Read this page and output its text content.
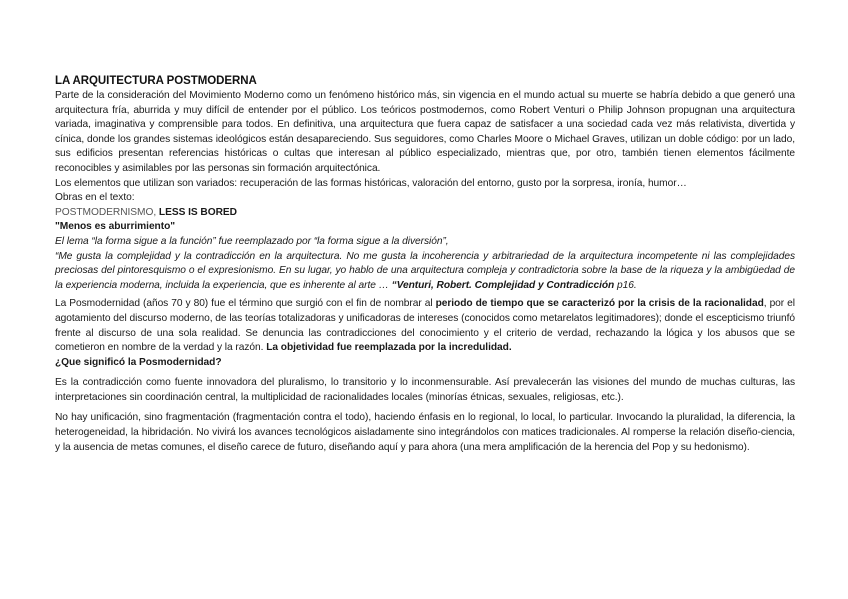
LA ARQUITECTURA POSTMODERNA

Parte de la consideración del Movimiento Moderno como un fenómeno histórico más, sin vigencia en el mundo actual su muerte se habría debido a que generó una arquitectura fría, aburrida y muy difícil de entender por el público. Los teóricos postmodernos, como Robert Venturi o Philip Johnson propugnan una arquitectura variada, imaginativa y comprensible para todos. En definitiva, una arquitectura que fuera capaz de satisfacer a una sociedad cada vez más relativista, divertida y cínica, donde los grandes sistemas ideológicos están desapareciendo. Sus seguidores, como Charles Moore o Michael Graves, utilizan un doble código: por un lado, sus edificios presentan referencias históricas o cultas que interesan al público especializado, mientras que, por otro, también tienen elementos fácilmente reconocibles y asimilables por las personas sin formación arquitectónica.

Los elementos que utilizan son variados: recuperación de las formas históricas, valoración del entorno, gusto por la sorpresa, ironía, humor…

Obras en el texto:

POSTMODERNISMO, LESS IS BORED

"Menos es aburrimiento"

El lema “la forma sigue a la función” fue reemplazado por “la forma sigue a la diversión”,

“Me gusta la complejidad y la contradicción en la arquitectura. No me gusta la incoherencia y arbitrariedad de la arquitectura incompetente ni las complejidades preciosas del pintoresquismo o el expresionismo. En su lugar, yo hablo de una arquitectura compleja y contradictoria sobre la base de la riqueza y la ambigüedad de la experiencia moderna, incluida la experiencia, que es inherente al arte … “Venturi, Robert. Complejidad y Contradicción p16.

La Posmodernidad (años 70 y 80) fue el término que surgió con el fin de nombrar al periodo de tiempo que se caracterizó por la crisis de la racionalidad, por el agotamiento del discurso moderno, de las teorías totalizadoras y unificadoras de intereses (conocidos como metarelatos legitimadores); donde el escepticismo triunfó frente al discurso de una sola realidad. Se denuncia las contradicciones del conocimiento y el criterio de verdad, rechazando la lógica y los abusos que se cometieron en nombre de la verdad y la razón. La objetividad fue reemplazada por la incredulidad.

¿Que significó la Posmodernidad?

Es la contradicción como fuente innovadora del pluralismo, lo transitorio y lo inconmensurable. Así prevalecerán las visiones del mundo de muchas culturas, las interpretaciones sin coordinación central, la multiplicidad de racionalidades locales (minorías étnicas, sexuales, religiosas, etc.).

No hay unificación, sino fragmentación (fragmentación contra el todo), haciendo énfasis en lo regional, lo local, lo particular. Invocando la pluralidad, la diferencia, la heterogeneidad, la hibridación. No vivirá los avances tecnológicos aisladamente sino integrándolos con matices tradicionales. Al romperse la relación diseño-ciencia, y la ausencia de metas comunes, el diseño carece de futuro, diseñando aquí y para ahora (una mera amplificación de la herencia del Pop y su hedonismo).
